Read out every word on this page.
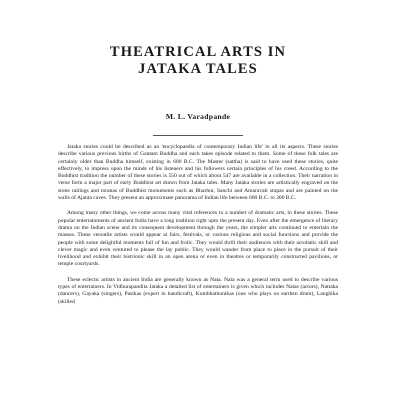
THEATRICAL ARTS IN
JATAKA TALES

M. L. Varadpande

Jataka stories could be described as an 'encyclopaedia of contemporary Indian life' in all its aspects. These stories describe various previous births of Gautam Buddha and each takes episode related to them. Some of these folk tales are certainly older than Buddha himself, existing in 600 B.C. The Master (sattha) is said to have used these stories, quite effectively, to impress upon the minds of his listeners and his followers certain principles of his creed. According to the Buddhist tradition the number of these stories is 550 out of which about 547 are available in a collection. Their narration in verse form a major part of early Buddhist art drawn from Jataka tales. Many Jataka stories are artistically engraved on the stone railings and toranas of Buddhist monuments such as Bharhut, Sanchi and Amaravati stupas and are painted on the walls of Ajanta caves. They present an approximate panorama of Indian life between 600 B.C. to 300 B.C.

Among many other things, we come across many vital references to a number of dramatic arts, in these stories. These popular entertainments of ancient India have a long tradition right upto the present day. Even after the emergence of literary drama on the Indian scene and its consequent development through the years, the simpler arts continued to entertain the masses. These versatile artists would appear at fairs, festivals, or various religious and social functions and provide the people with some delightful moments full of fun and frolic. They would thrill their audiences with their acrobatic skill and clever magic and even ventured to please the lay public. They would wander from place to place in the pursuit of their livelihood and exhibit their histrionic skill in an open arena or even in theatres or temporarily constructed pavilions, or temple courtyards.

These eclectic artists in ancient India are generally known as Nata. Nata was a general term used to describe various types of entertainers. In Vidhurapandita Jataka a detailed list of entertainers is given which includes Natas (actors), Nattaka (dancers), Gayaka (singers), Pasikas (expert in handicraft), Kumbhathunikas (one who plays on earthen drum), Langhika (skilled
